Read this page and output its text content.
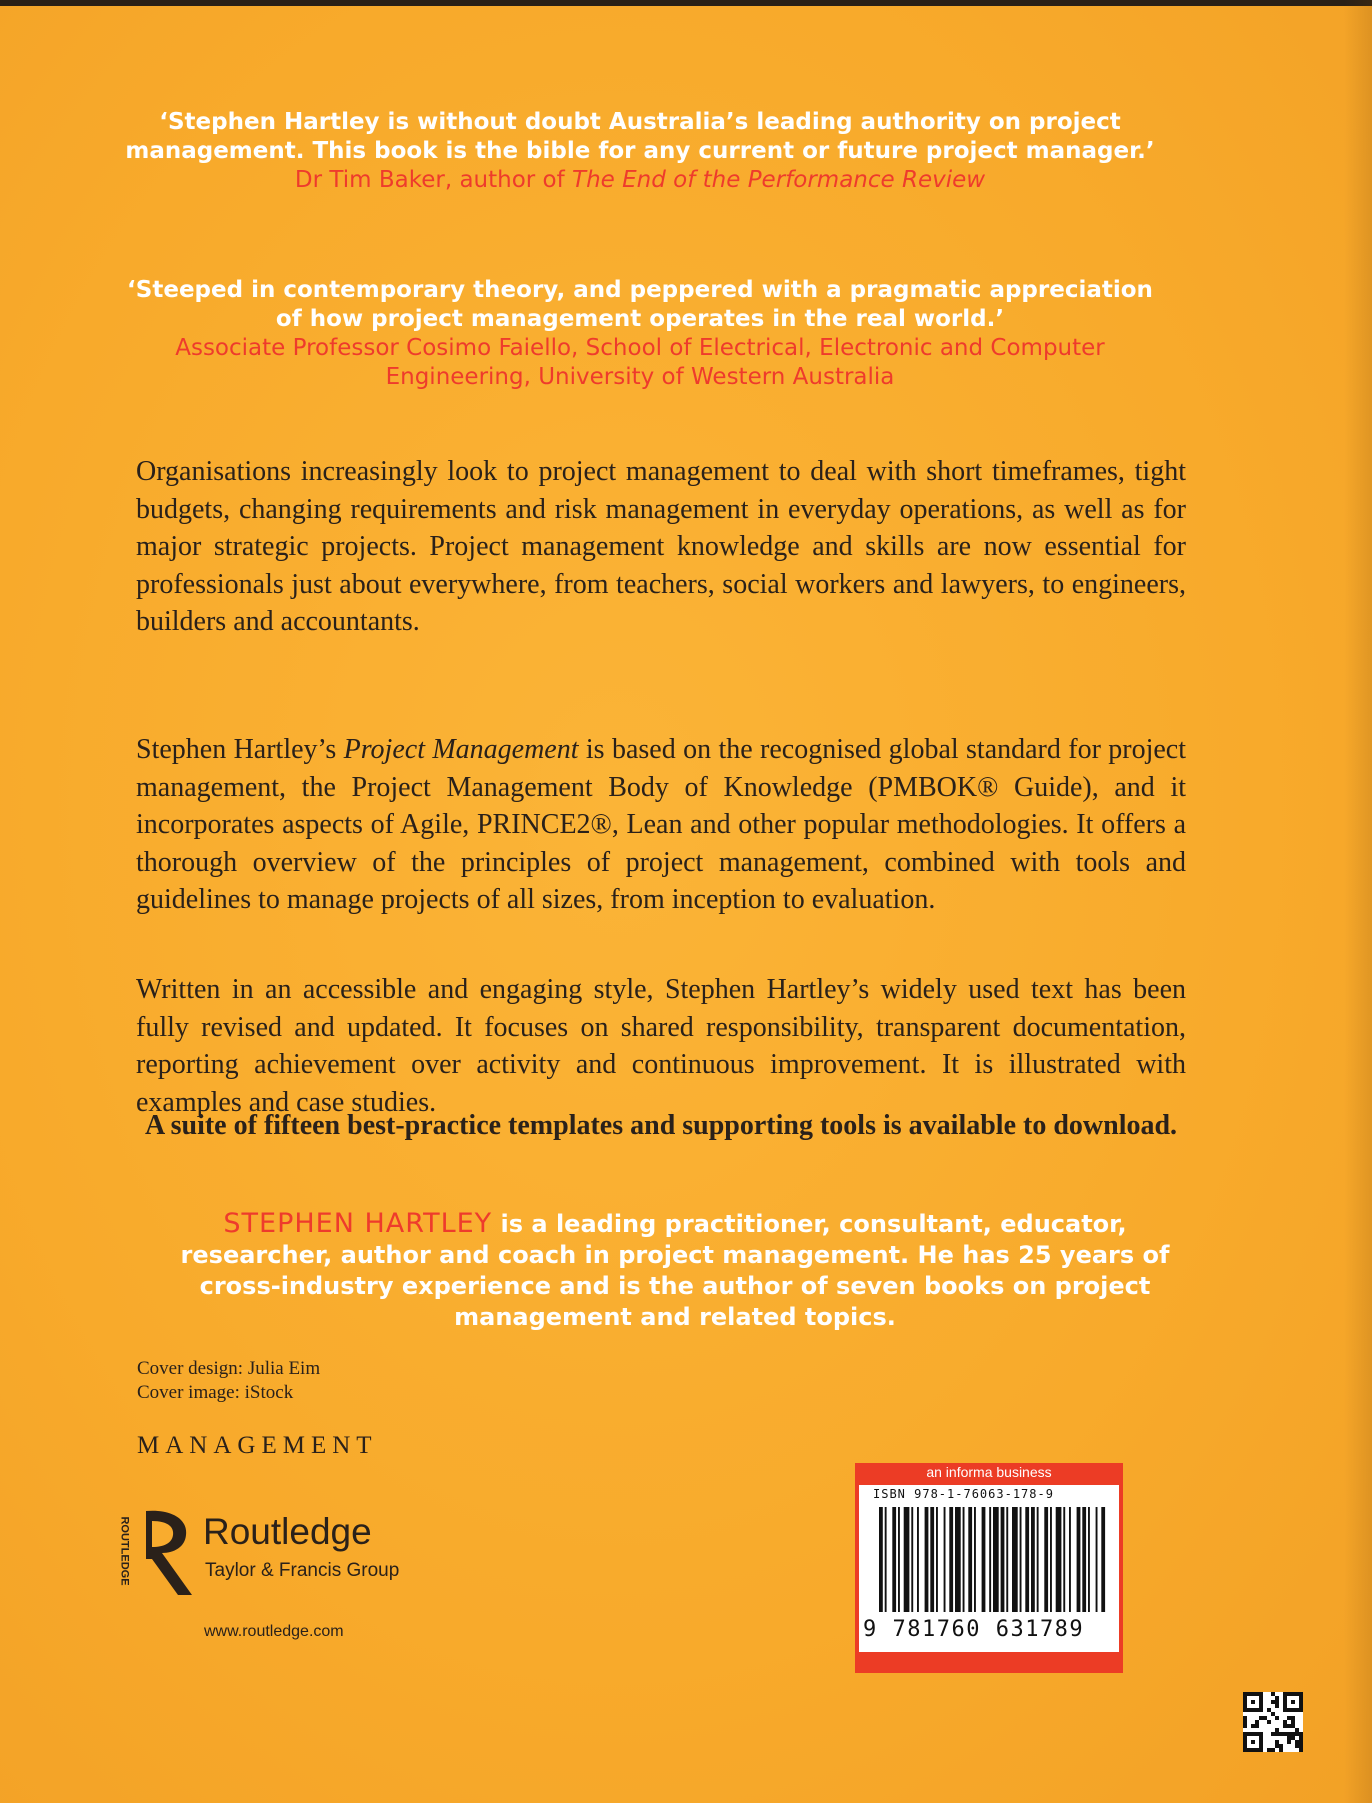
‘Stephen Hartley is without doubt Australia’s leading authority on project management. This book is the bible for any current or future project manager.’
Dr Tim Baker, author of The End of the Performance Review
‘Steeped in contemporary theory, and peppered with a pragmatic appreciation of how project management operates in the real world.’
Associate Professor Cosimo Faiello, School of Electrical, Electronic and Computer Engineering, University of Western Australia
Organisations increasingly look to project management to deal with short timeframes, tight budgets, changing requirements and risk management in everyday operations, as well as for major strategic projects. Project management knowledge and skills are now essential for professionals just about everywhere, from teachers, social workers and lawyers, to engineers, builders and accountants.
Stephen Hartley’s Project Management is based on the recognised global standard for project management, the Project Management Body of Knowledge (PMBOK® Guide), and it incorporates aspects of Agile, PRINCE2®, Lean and other popular methodologies. It offers a thorough overview of the principles of project management, combined with tools and guidelines to manage projects of all sizes, from inception to evaluation.
Written in an accessible and engaging style, Stephen Hartley’s widely used text has been fully revised and updated. It focuses on shared responsibility, transparent documentation, reporting achievement over activity and continuous improvement. It is illustrated with examples and case studies.
A suite of fifteen best-practice templates and supporting tools is available to download.
STEPHEN HARTLEY is a leading practitioner, consultant, educator, researcher, author and coach in project management. He has 25 years of cross-industry experience and is the author of seven books on project management and related topics.
Cover design: Julia Eim
Cover image: iStock
MANAGEMENT
ROUTLEDGE Routledge
Taylor & Francis Group
www.routledge.com
an informa business
ISBN 978-1-76063-178-9
9 781760 631789
